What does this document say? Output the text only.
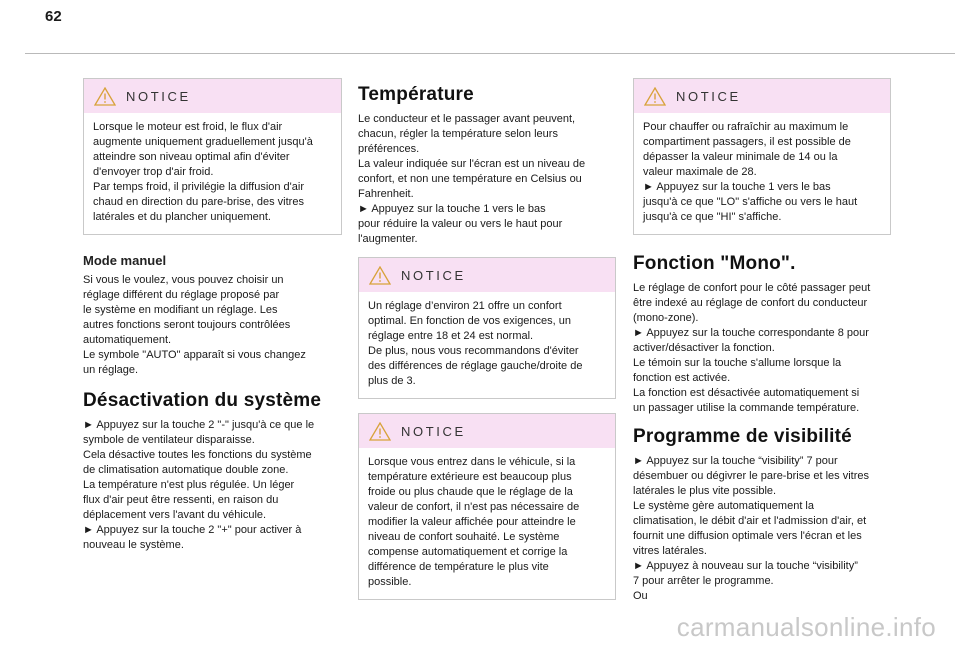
62
NOTICE
Lorsque le moteur est froid, le flux d'air
augmente uniquement graduellement jusqu'à
atteindre son niveau optimal afin d'éviter
d'envoyer trop d'air froid.
Par temps froid, il privilégie la diffusion d'air
chaud en direction du pare-brise, des vitres
latérales et du plancher uniquement.
Mode manuel

Si vous le voulez, vous pouvez choisir un
réglage différent du réglage proposé par
le système en modifiant un réglage. Les
autres fonctions seront toujours contrôlées
automatiquement.
Le symbole "AUTO" apparaît si vous changez
un réglage.

Désactivation du système

► Appuyez sur la touche 2 "-" jusqu'à ce que le
symbole de ventilateur disparaisse.
Cela désactive toutes les fonctions du système
de climatisation automatique double zone.
La température n'est plus régulée. Un léger
flux d'air peut être ressenti, en raison du
déplacement vers l'avant du véhicule.
► Appuyez sur la touche 2 "+" pour activer à
nouveau le système.

Température

Le conducteur et le passager avant peuvent,
chacun, régler la température selon leurs
préférences.
La valeur indiquée sur l'écran est un niveau de
confort, et non une température en Celsius ou
Fahrenheit.
► Appuyez sur la touche 1 vers le bas
pour réduire la valeur ou vers le haut pour
l'augmenter.

NOTICE
Un réglage d’environ 21 offre un confort
optimal. En fonction de vos exigences, un
réglage entre 18 et 24 est normal.
De plus, nous vous recommandons d'éviter
des différences de réglage gauche/droite de
plus de 3.
NOTICE
Lorsque vous entrez dans le véhicule, si la
température extérieure est beaucoup plus
froide ou plus chaude que le réglage de la
valeur de confort, il n'est pas nécessaire de
modifier la valeur affichée pour atteindre le
niveau de confort souhaité. Le système
compense automatiquement et corrige la
différence de température le plus vite
possible.
NOTICE
Pour chauffer ou rafraîchir au maximum le
compartiment passagers, il est possible de
dépasser la valeur minimale de 14 ou la
valeur maximale de 28.
► Appuyez sur la touche 1 vers le bas
jusqu'à ce que "LO" s'affiche ou vers le haut
jusqu'à ce que "HI" s'affiche.
Fonction "Mono".

Le réglage de confort pour le côté passager peut
être indexé au réglage de confort du conducteur
(mono-zone).
► Appuyez sur la touche correspondante 8 pour
activer/désactiver la fonction.
Le témoin sur la touche s'allume lorsque la
fonction est activée.
La fonction est désactivée automatiquement si
un passager utilise la commande température.

Programme de visibilité

► Appuyez sur la touche “visibility” 7 pour
désembuer ou dégivrer le pare-brise et les vitres
latérales le plus vite possible.
Le système gère automatiquement la
climatisation, le débit d'air et l'admission d'air, et
fournit une diffusion optimale vers l'écran et les
vitres latérales.
► Appuyez à nouveau sur la touche “visibility”
7 pour arrêter le programme.
Ou

carmanualsonline.info
